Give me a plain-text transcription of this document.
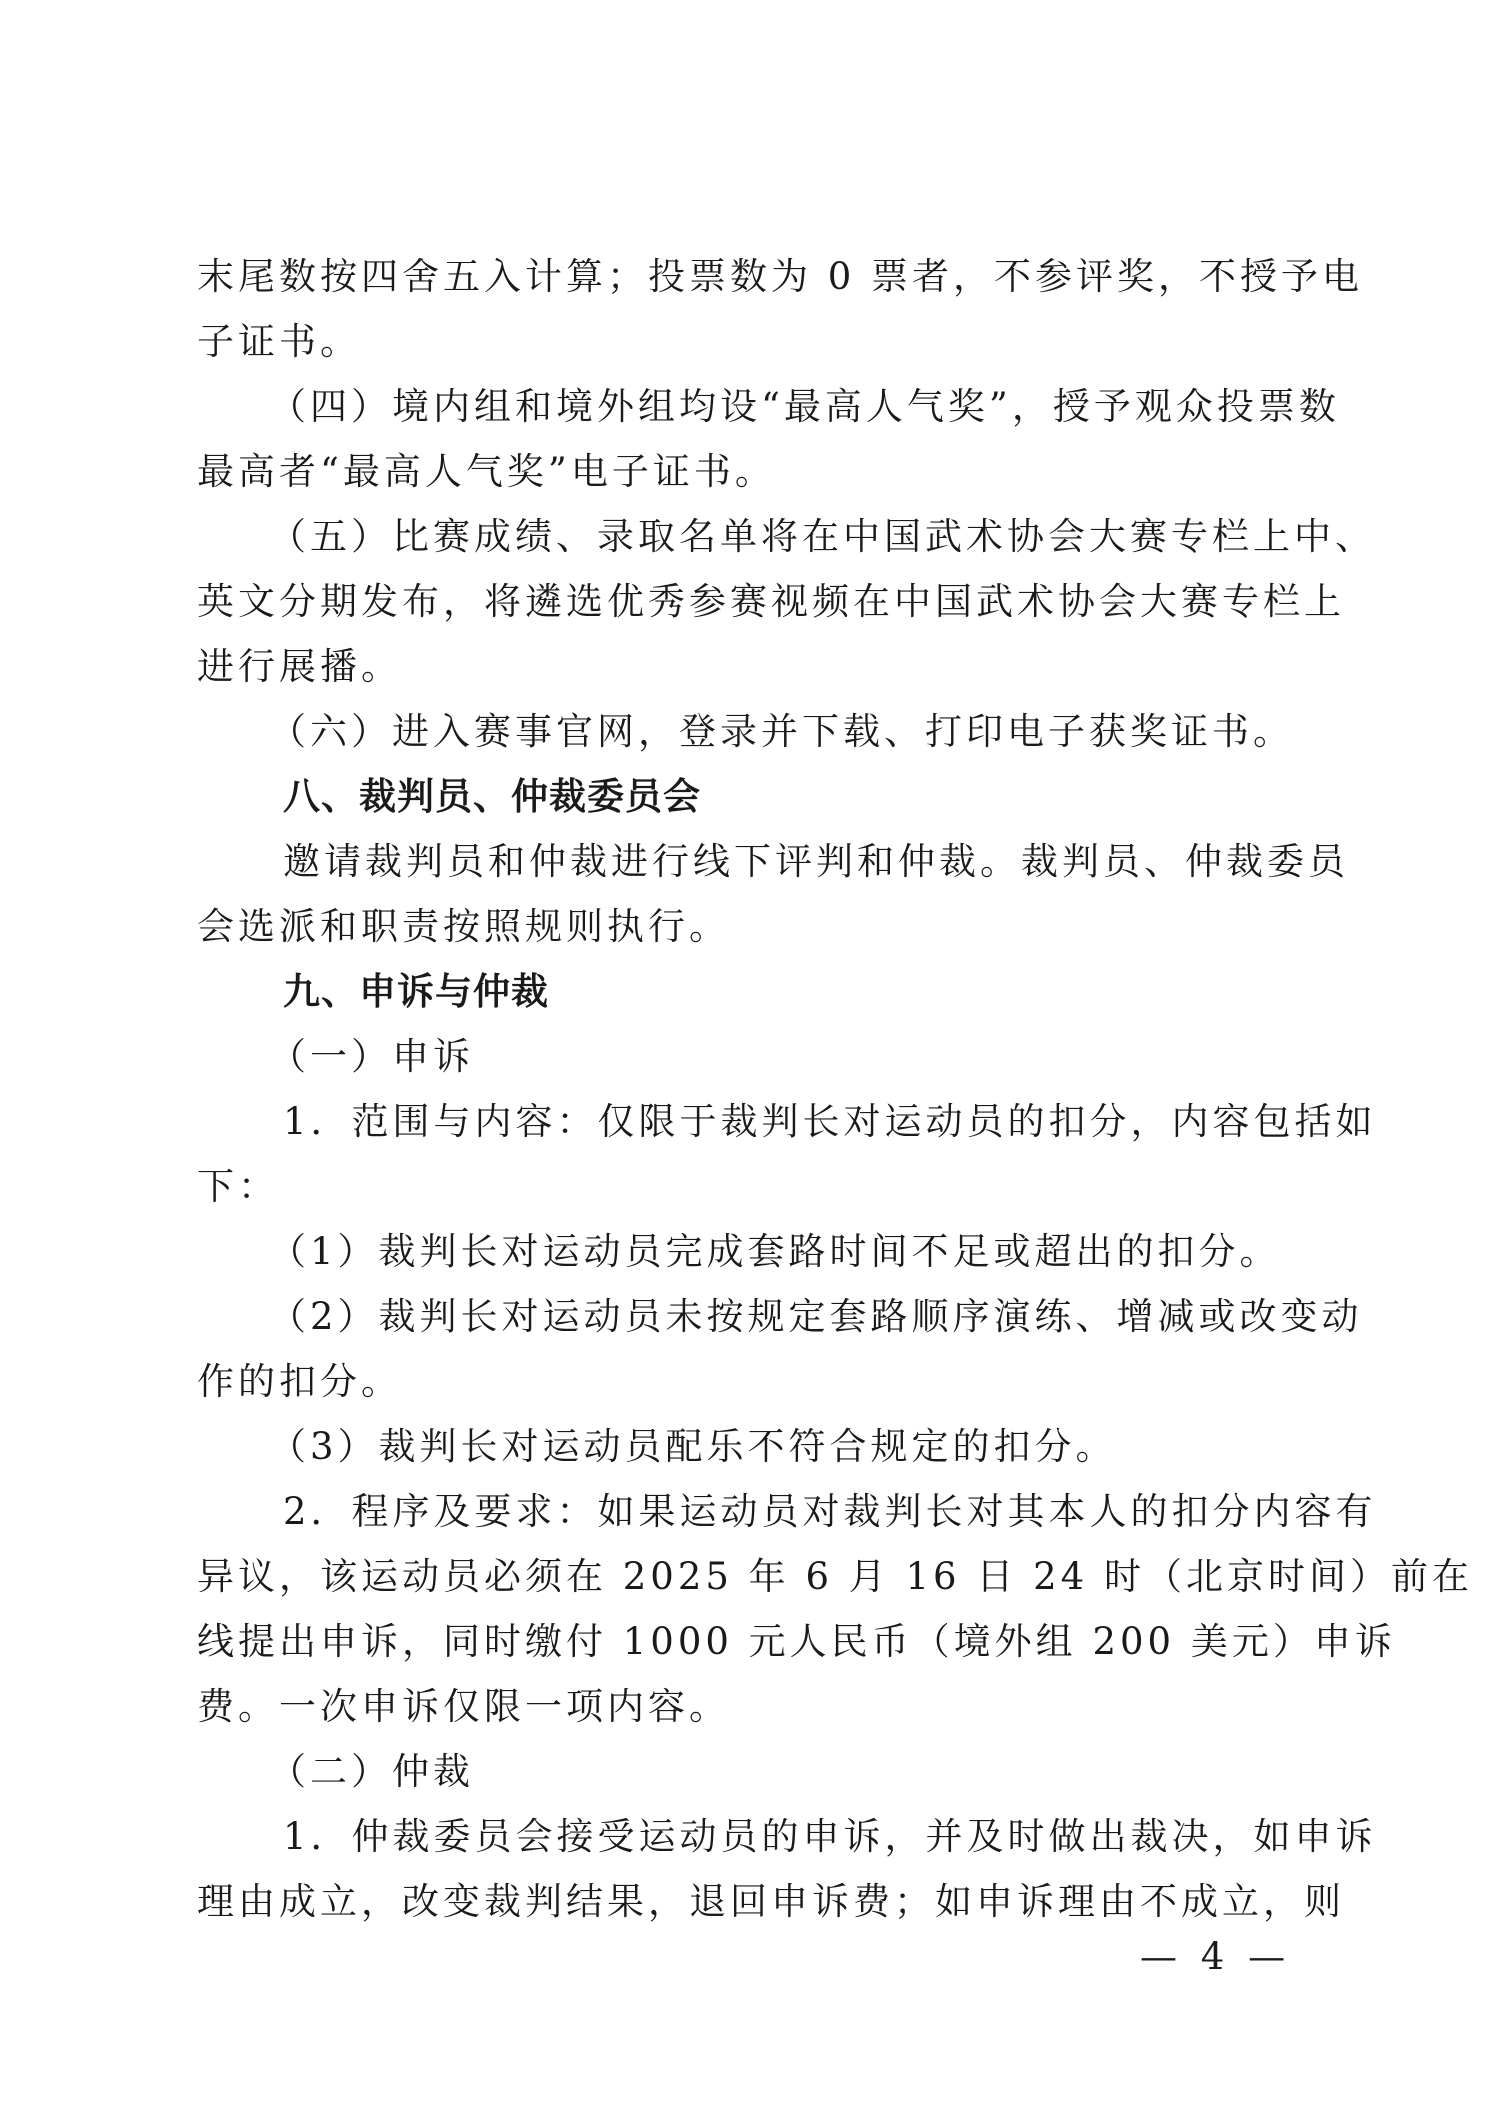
末尾数按四舍五入计算；投票数为 0 票者，不参评奖，不授予电
子证书。
（四）境内组和境外组均设“最高人气奖”，授予观众投票数
最高者“最高人气奖”电子证书。
（五）比赛成绩、录取名单将在中国武术协会大赛专栏上中、
英文分期发布，将遴选优秀参赛视频在中国武术协会大赛专栏上
进行展播。
（六）进入赛事官网，登录并下载、打印电子获奖证书。
八、裁判员、仲裁委员会
邀请裁判员和仲裁进行线下评判和仲裁。裁判员、仲裁委员
会选派和职责按照规则执行。
九、申诉与仲裁
（一）申诉
1．范围与内容：仅限于裁判长对运动员的扣分，内容包括如
下：
（1）裁判长对运动员完成套路时间不足或超出的扣分。
（2）裁判长对运动员未按规定套路顺序演练、增减或改变动
作的扣分。
（3）裁判长对运动员配乐不符合规定的扣分。
2．程序及要求：如果运动员对裁判长对其本人的扣分内容有
异议，该运动员必须在 2025 年 6 月 16 日 24 时（北京时间）前在
线提出申诉，同时缴付 1000 元人民币（境外组 200 美元）申诉
费。一次申诉仅限一项内容。
（二）仲裁
1．仲裁委员会接受运动员的申诉，并及时做出裁决，如申诉
理由成立，改变裁判结果，退回申诉费；如申诉理由不成立，则
— 4 —
